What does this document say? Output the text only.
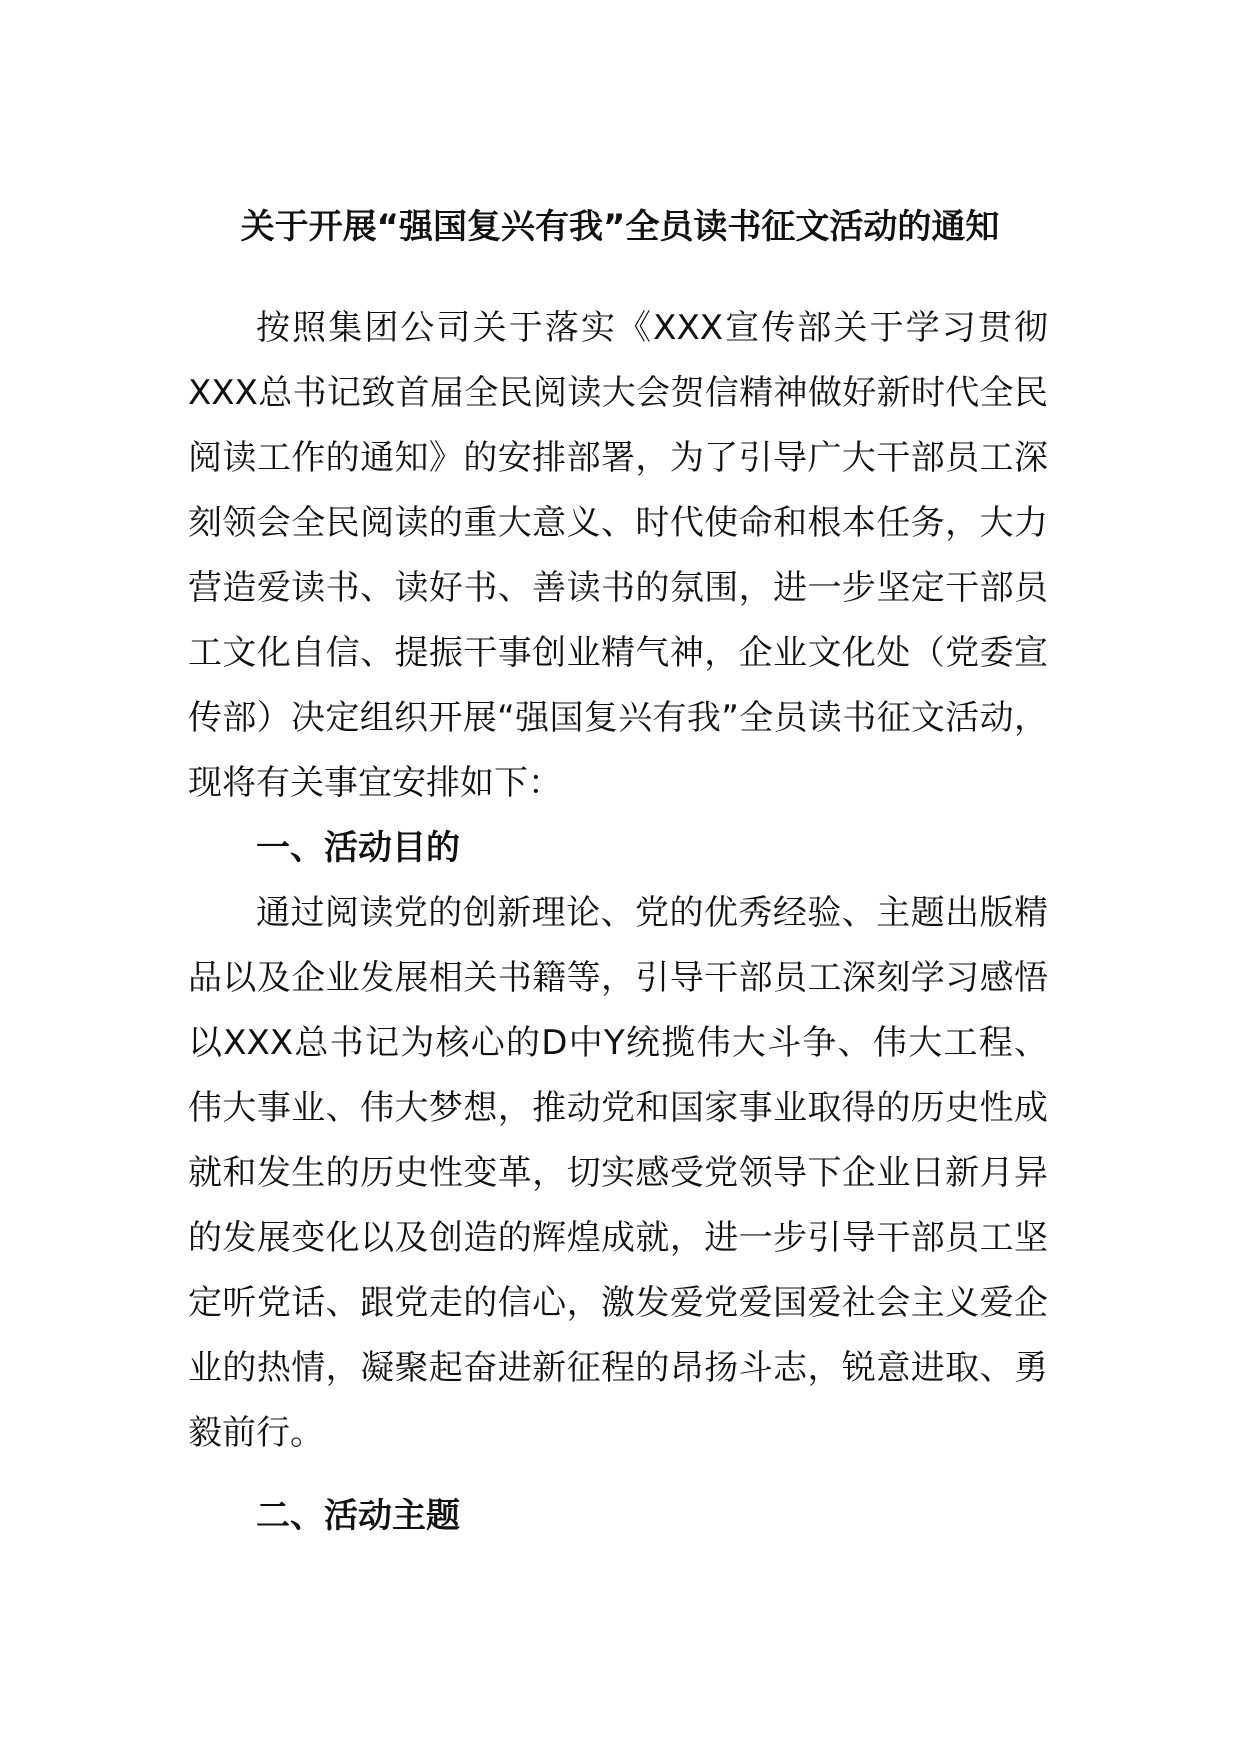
关于开展“强国复兴有我”全员读书征文活动的通知

按照集团公司关于落实《XXX宣传部关于学习贯彻XXX总书记致首届全民阅读大会贺信精神做好新时代全民阅读工作的通知》的安排部署，为了引导广大干部员工深刻领会全民阅读的重大意义、时代使命和根本任务，大力营造爱读书、读好书、善读书的氛围，进一步坚定干部员工文化自信、提振干事创业精气神，企业文化处（党委宣传部）决定组织开展“强国复兴有我”全员读书征文活动，现将有关事宜安排如下：

一、活动目的

通过阅读党的创新理论、党的优秀经验、主题出版精品以及企业发展相关书籍等，引导干部员工深刻学习感悟以XXX总书记为核心的D中Y统揽伟大斗争、伟大工程、伟大事业、伟大梦想，推动党和国家事业取得的历史性成就和发生的历史性变革，切实感受党领导下企业日新月异的发展变化以及创造的辉煌成就，进一步引导干部员工坚定听党话、跟党走的信心，激发爱党爱国爱社会主义爱企业的热情，凝聚起奋进新征程的昂扬斗志，锐意进取、勇毅前行。

二、活动主题
